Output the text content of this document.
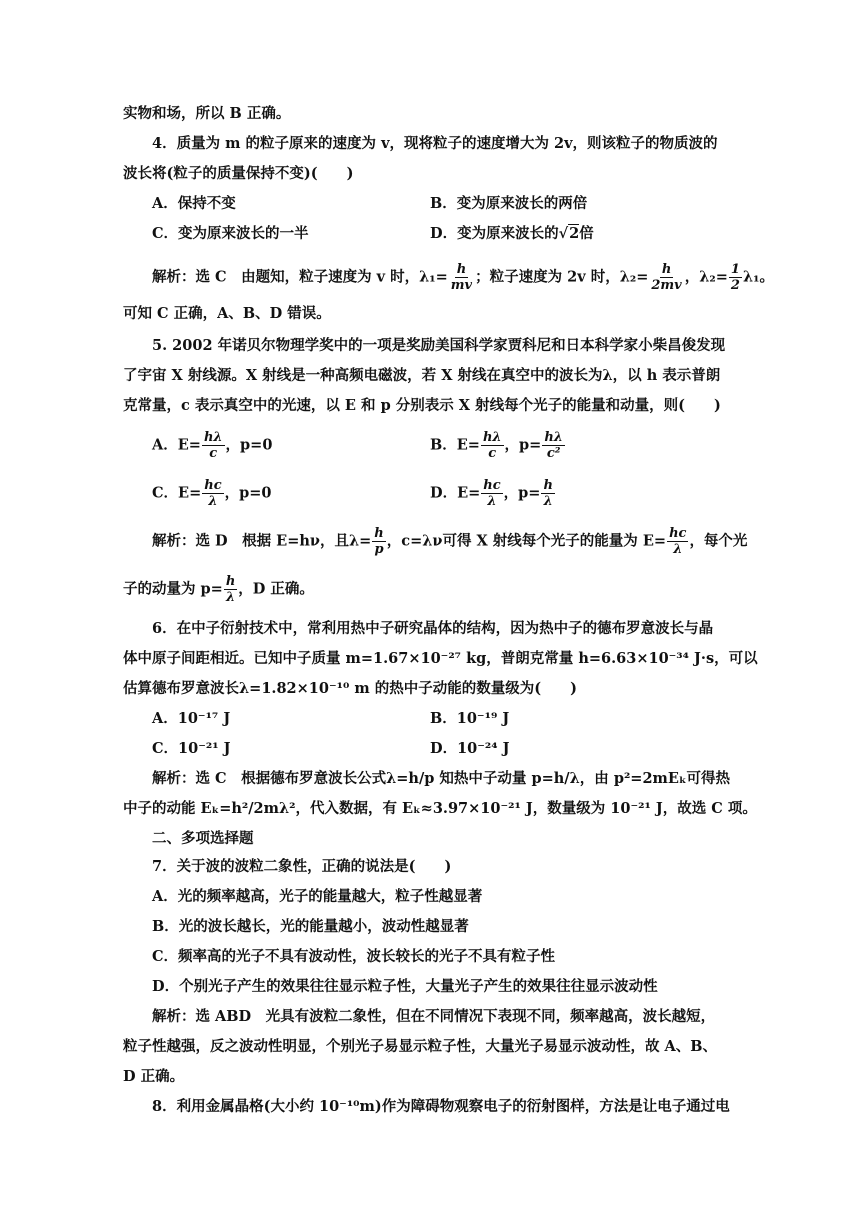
实物和场，所以 B 正确。
4．质量为 m 的粒子原来的速度为 v，现将粒子的速度增大为 2v，则该粒子的物质波的
波长将(粒子的质量保持不变)(　　)
A．保持不变	B．变为原来波长的两倍
C．变为原来波长的一半	D．变为原来波长的√2倍
解析：选 C　由题知，粒子速度为 v 时，$\lambda_1= \frac{h}{mv}$ ；粒子速度为 2v 时，$\lambda_2= \frac{h}{2mv}$ ，$\lambda_2= \frac{1}{2} \lambda_1$。
可知 C 正确，A、B、D 错误。
5. 2002 年诺贝尔物理学奖中的一项是奖励美国科学家贾科尼和日本科学家小柴昌俊发现
了宇宙 X 射线源。X 射线是一种高频电磁波，若 X 射线在真空中的波长为λ，以 h 表示普朗
克常量，c 表示真空中的光速，以 E 和 p 分别表示 X 射线每个光子的能量和动量，则(　　)
A．$E= \frac{h\lambda}{c}$ ，p=0	B．$E= \frac{h\lambda}{c}$ ，$p= \frac{h\lambda}{\text{c²}}$
C．$E= \frac{hc}{\lambda}$ ，p=0	D．$E= \frac{hc}{\lambda}$ ，$p= \frac{h}{\lambda}$
解析：选 D　根据 E=hν，且$\lambda= \frac{h}{p}$ ，c=λν可得 X 射线每个光子的能量为 $E= \frac{hc}{\lambda}$ ，每个光
子的动量为 $p= \frac{h}{\lambda}$ ，D 正确。
6．在中子衍射技术中，常利用热中子研究晶体的结构，因为热中子的德布罗意波长与晶
体中原子间距相近。已知中子质量 m=1.67×10⁻²⁷ kg，普朗克常量 h=6.63×10⁻³⁴ J·s，可以
估算德布罗意波长λ=1.82×10⁻¹⁰ m 的热中子动能的数量级为(　　)
A．10⁻¹⁷ J	B．10⁻¹⁹ J
C．10⁻²¹ J	D．10⁻²⁴ J
解析：选 C　根据德布罗意波长公式λ=h/p 知热中子动量 p=h/λ，由 p²=2mEₖ可得热
中子的动能 Eₖ=h²/2mλ²，代入数据，有 Eₖ≈3.97×10⁻²¹ J，数量级为 10⁻²¹ J，故选 C 项。
二、多项选择题
7．关于波的波粒二象性，正确的说法是(　　)
A．光的频率越高，光子的能量越大，粒子性越显著
B．光的波长越长，光的能量越小，波动性越显著
C．频率高的光子不具有波动性，波长较长的光子不具有粒子性
D．个别光子产生的效果往往显示粒子性，大量光子产生的效果往往显示波动性
解析：选 ABD　光具有波粒二象性，但在不同情况下表现不同，频率越高，波长越短，
粒子性越强，反之波动性明显，个别光子易显示粒子性，大量光子易显示波动性，故 A、B、
D 正确。
8．利用金属晶格(大小约 10⁻¹⁰m)作为障碍物观察电子的衍射图样，方法是让电子通过电
